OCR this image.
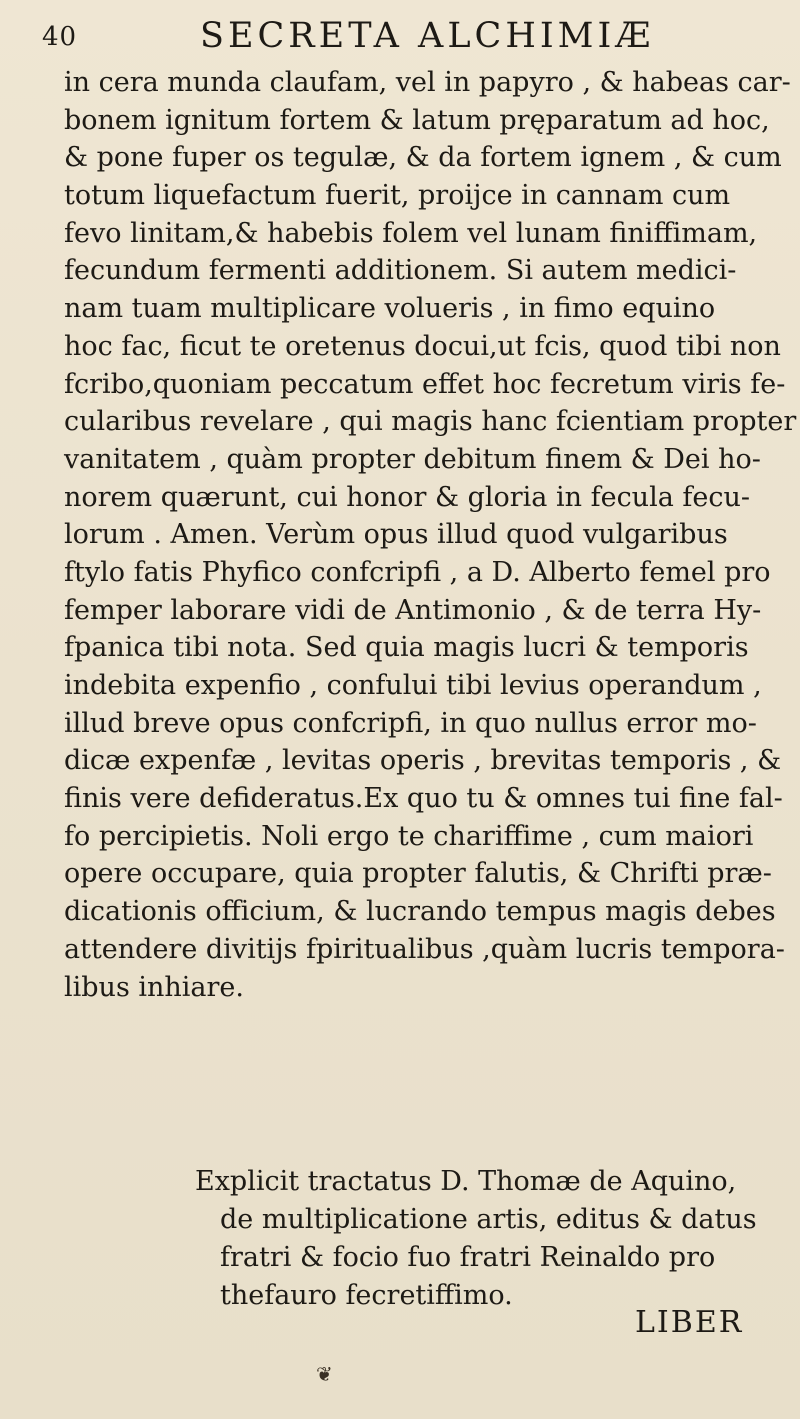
40	SECRETA ALCHIMIÆ
in cera munda claufam, vel in papyro , & habeas car-
bonem ignitum fortem & latum pręparatum ad hoc,
& pone fuper os tegulæ, & da fortem ignem , & cum
totum liquefactum fuerit, proijce in cannam cum
fevo linitam,& habebis folem vel lunam finiffimam,
fecundum fermenti additionem. Si autem medici-
nam tuam multiplicare volueris , in fimo equino
hoc fac, ficut te oretenus docui,ut fcis, quod tibi non
fcribo,quoniam peccatum effet hoc fecretum viris fe-
cularibus revelare , qui magis hanc fcientiam propter
vanitatem , quàm propter debitum finem & Dei ho-
norem quærunt, cui honor & gloria in fecula fecu-
lorum . Amen. Verùm opus illud quod vulgaribus
ftylo fatis Phyfico confcripfi , a D. Alberto femel pro
femper laborare vidi de Antimonio , & de terra Hy-
fpanica tibi nota. Sed quia magis lucri & temporis
indebita expenfio , confului tibi levius operandum ,
illud breve opus confcripfi, in quo nullus error mo-
dicæ expenfæ , levitas operis , brevitas temporis , &
finis vere defideratus.Ex quo tu & omnes tui fine fal-
fo percipietis. Noli ergo te chariffime , cum maiori
opere occupare, quia propter falutis, & Chrifti præ-
dicationis officium, & lucrando tempus magis debes
attendere divitijs fpiritualibus ,quàm lucris tempora-
libus inhiare.
Explicit tractatus D. Thomæ de Aquino,
de multiplicatione artis, editus & datus
fratri & focio fuo fratri Reinaldo pro
thefauro fecretiffimo.
LIBER
❦
